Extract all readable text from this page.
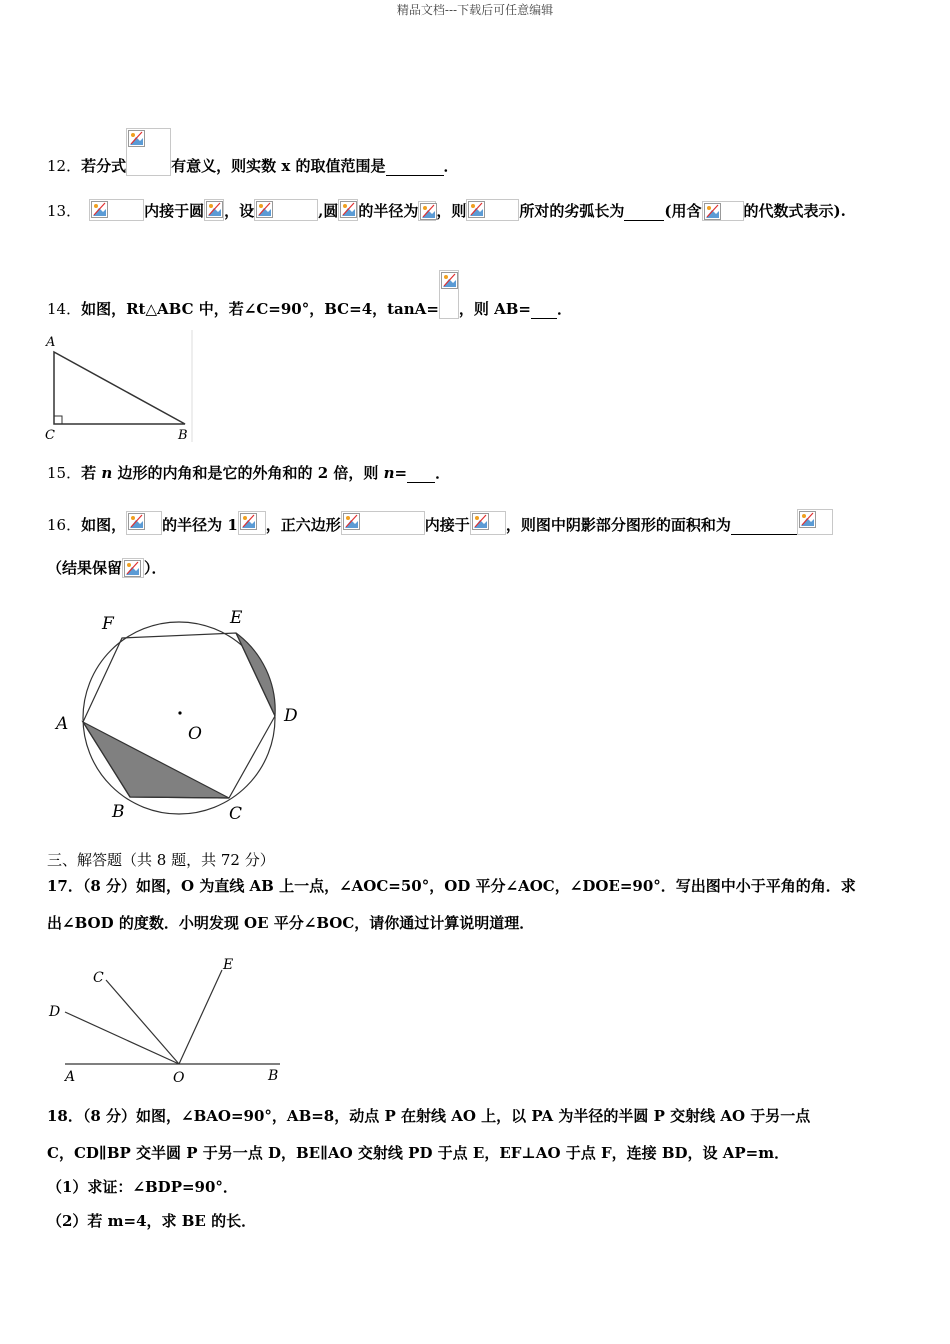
精品文档---下载后可任意编辑
12．若分式	有意义，则实数 x 的取值范围是	．
13．	内接于圆 ，设	,圆 的半径为 ，则	所对的劣弧长为	(用含	的代数式表示).
14．如图，Rt△ABC 中，若∠C=90°，BC=4，tanA= ，则 AB= ．
A
C	B
15．若 n 边形的内角和是它的外角和的 2 倍，则 n= ．
16．如图， 的半径为 1 ，正六边形	内接于 ，则图中阴影部分图形的面积和为
（结果保留 ）．
F	E
D
A	O
B	C
三、解答题（共 8 题，共 72 分）
17．（8 分）如图，O 为直线 AB 上一点，∠AOC=50°，OD 平分∠AOC，∠DOE=90°．写出图中小于平角的角．求
出∠BOD 的度数．小明发现 OE 平分∠BOC，请你通过计算说明道理．
C
D
E
A	O	B
18．（8 分）如图，∠BAO=90°，AB=8，动点 P 在射线 AO 上，以 PA 为半径的半圆 P 交射线 AO 于另一点
C，CD∥BP 交半圆 P 于另一点 D，BE∥AO 交射线 PD 于点 E，EF⊥AO 于点 F，连接 BD，设 AP=m．
（1）求证：∠BDP=90°．
（2）若 m=4，求 BE 的长．
